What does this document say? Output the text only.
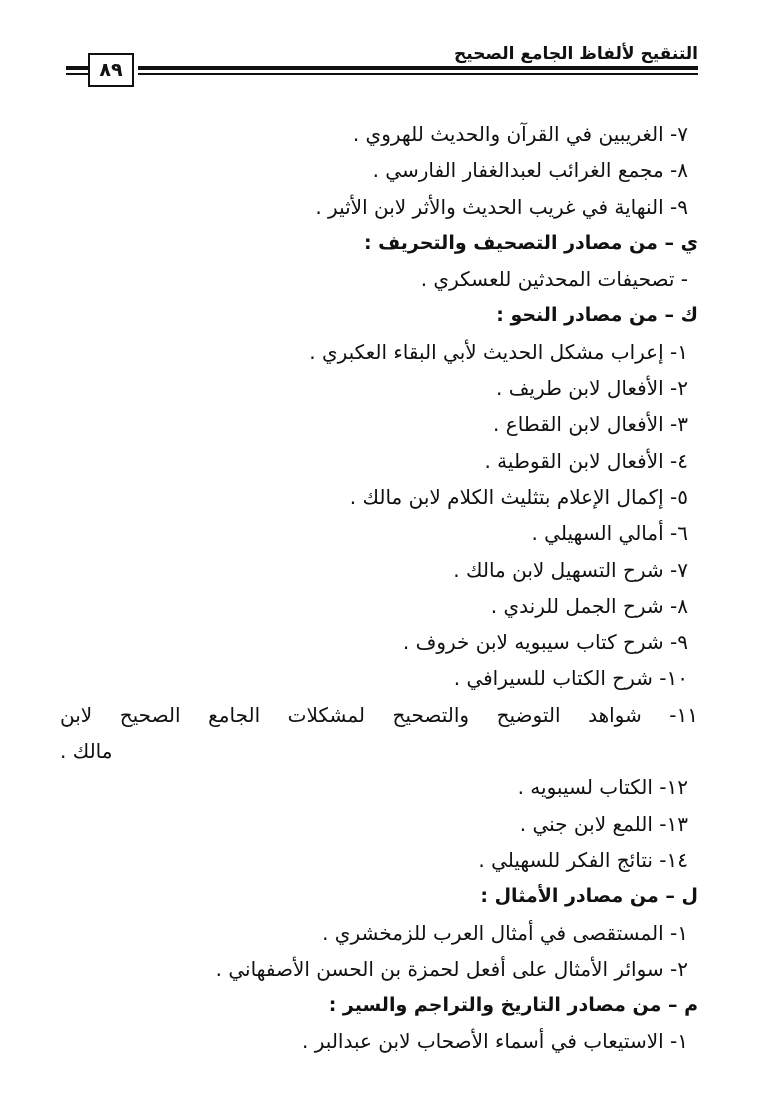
التنقيح لألفاظ الجامع الصحيح
٨٩
٧- الغريبين في القرآن والحديث للهروي .
٨- مجمع الغرائب لعبدالغفار الفارسي .
٩- النهاية في غريب الحديث والأثر لابن الأثير .
ي – من مصادر التصحيف والتحريف :
- تصحيفات المحدثين للعسكري .
ك – من مصادر النحو :
١- إعراب مشكل الحديث لأبي البقاء العكبري .
٢- الأفعال لابن طريف .
٣- الأفعال لابن القطاع .
٤- الأفعال لابن القوطية .
٥- إكمال الإعلام بتثليث الكلام لابن مالك .
٦- أمالي السهيلي .
٧- شرح التسهيل لابن مالك .
٨- شرح الجمل للرندي .
٩- شرح كتاب سيبويه لابن خروف .
١٠- شرح الكتاب للسيرافي .
١١- شواهد التوضيح والتصحيح لمشكلات الجامع الصحيح لابن
مالك .
١٢- الكتاب لسيبويه .
١٣- اللمع لابن جني .
١٤- نتائج الفكر للسهيلي .
ل – من مصادر الأمثال :
١- المستقصى في أمثال العرب للزمخشري .
٢- سوائر الأمثال على أفعل لحمزة بن الحسن الأصفهاني .
م – من مصادر التاريخ والتراجم والسير :
١- الاستيعاب في أسماء الأصحاب لابن عبدالبر .
